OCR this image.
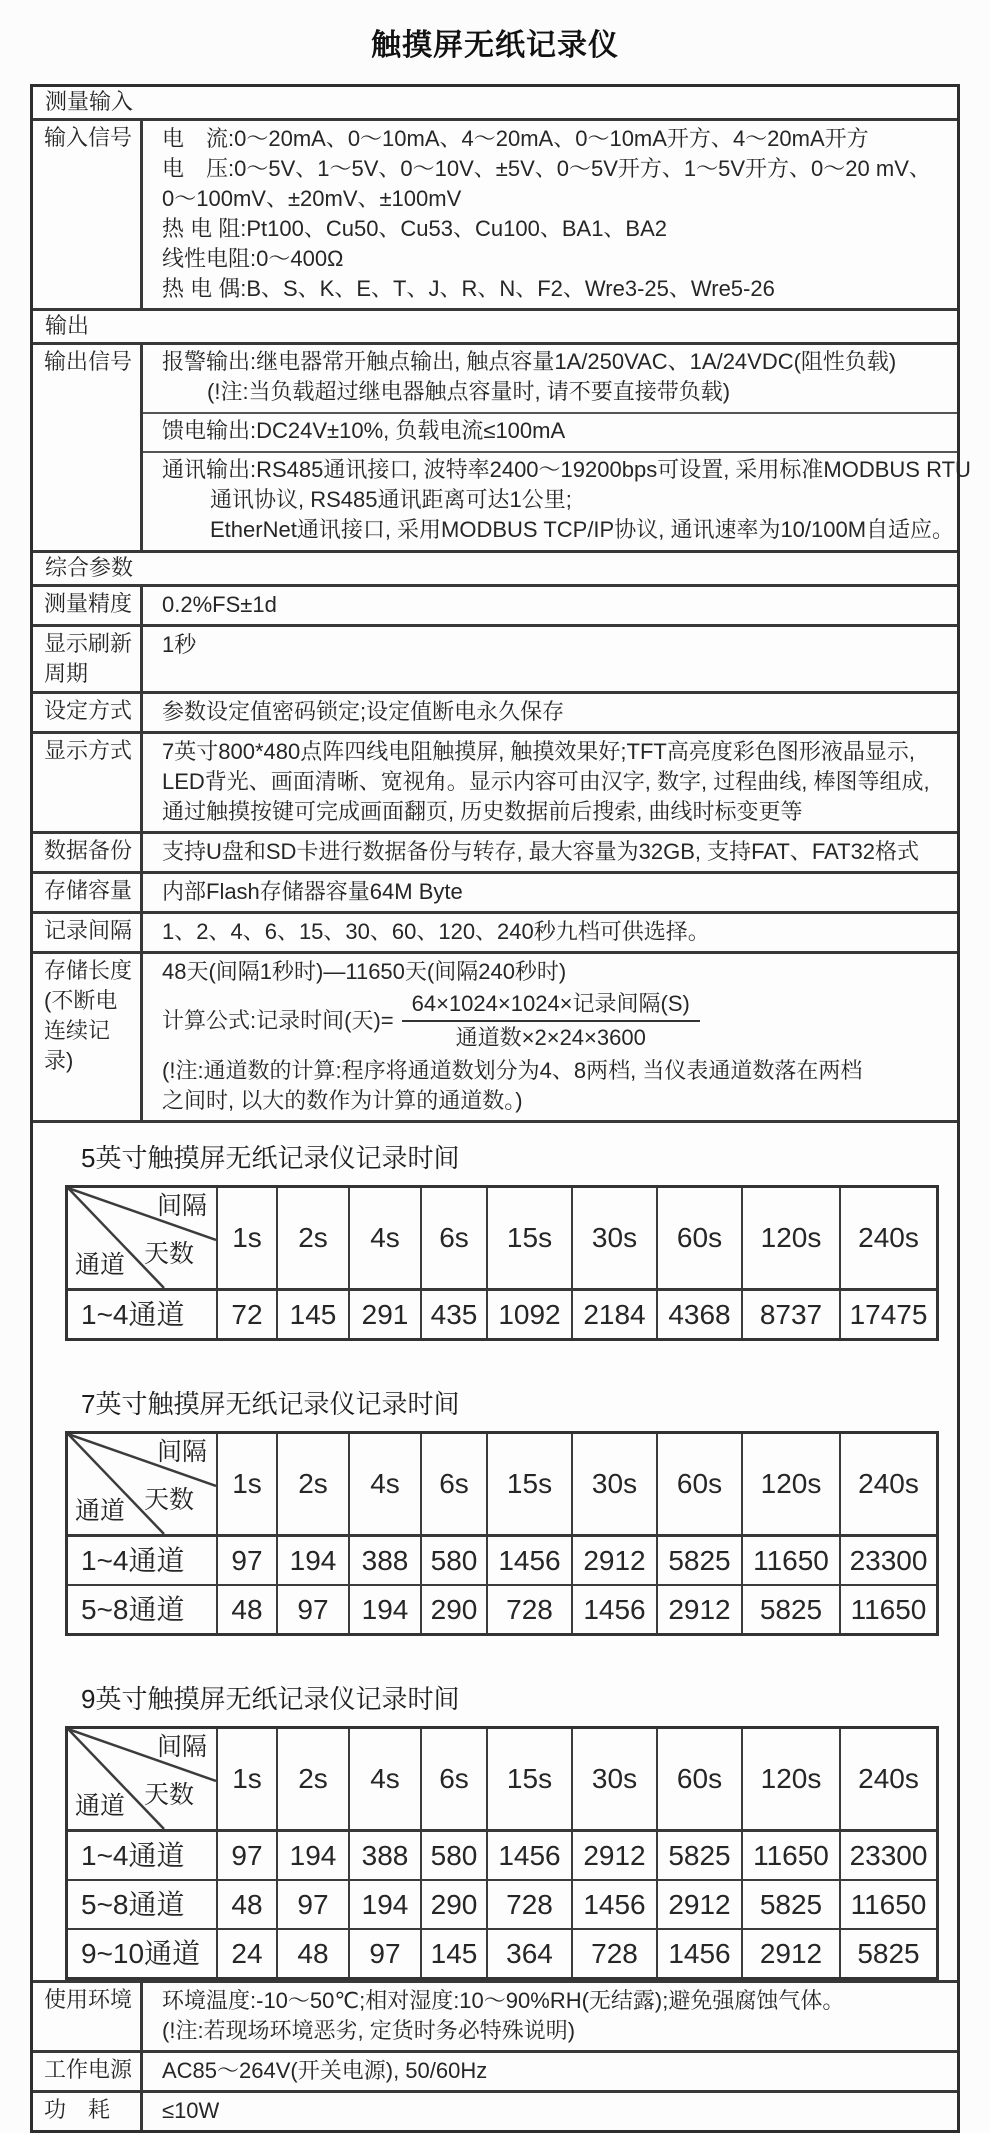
触摸屏无纸记录仪
测量输入
输入信号	电　流:0～20mA、0～10mA、4～20mA、0～10mA开方、4～20mA开方
电　压:0～5V、1～5V、0～10V、±5V、0～5V开方、1～5V开方、0～20 mV、
0～100mV、±20mV、±100mV
热 电 阻:Pt100、Cu50、Cu53、Cu100、BA1、BA2
线性电阻:0～400Ω
热 电 偶:B、S、K、E、T、J、R、N、F2、Wre3-25、Wre5-26
输出
输出信号	报警输出:继电器常开触点输出, 触点容量1A/250VAC、1A/24VDC(阻性负载)
(!注:当负载超过继电器触点容量时, 请不要直接带负载)
馈电输出:DC24V±10%, 负载电流≤100mA
通讯输出:RS485通讯接口, 波特率2400～19200bps可设置, 采用标准MODBUS RTU
通讯协议, RS485通讯距离可达1公里;
EtherNet通讯接口, 采用MODBUS TCP/IP协议, 通讯速率为10/100M自适应。
综合参数
测量精度	0.2%FS±1d
显示刷新周期
1秒
设定方式	参数设定值密码锁定;设定值断电永久保存
显示方式	7英寸800*480点阵四线电阻触摸屏, 触摸效果好;TFT高亮度彩色图形液晶显示,
LED背光、画面清晰、宽视角。显示内容可由汉字, 数字, 过程曲线, 棒图等组成,
通过触摸按键可完成画面翻页, 历史数据前后搜索, 曲线时标变更等
数据备份	支持U盘和SD卡进行数据备份与转存, 最大容量为32GB, 支持FAT、FAT32格式
存储容量	内部Flash存储器容量64M Byte
记录间隔	1、2、4、6、15、30、60、120、240秒九档可供选择。
存储长度
(不断电
连续记录)
48天(间隔1秒时)—11650天(间隔240秒时)
计算公式:记录时间(天)= $\frac{\text{64×1024×1024×记录间隔(S)}}{\text{通道数×2×24×3600}}$
(!注:通道数的计算:程序将通道数划分为4、8两档, 当仪表通道数落在两档
之间时, 以大的数作为计算的通道数。)
5英寸触摸屏无纸记录仪记录时间
间隔
天数
通道
1s	2s	4s	6s	15s	30s	60s	120s	240s
1~4通道	72 145 291 435 1092 2184 4368	8737 17475
7英寸触摸屏无纸记录仪记录时间
间隔
天数
通道
1s	2s	4s	6s	15s	30s	60s	120s	240s
1~4通道	97 194 388 580 1456 2912 5825 11650 23300
5~8通道	48	97	194 290	728	1456 2912	5825	11650
9英寸触摸屏无纸记录仪记录时间
间隔
天数
通道
1s	2s	4s	6s	15s	30s	60s	120s	240s
1~4通道	97 194 388 580 1456 2912 5825 11650 23300
5~8通道	48	97	194 290	728	1456 2912	5825	11650
9~10通道	24	48	97	145	364	728	1456	2912	5825
使用环境	环境温度:-10～50℃;相对湿度:10～90%RH(无结露);避免强腐蚀气体。
(!注:若现场环境恶劣, 定货时务必特殊说明)
工作电源	AC85～264V(开关电源), 50/60Hz
功　耗	≤10W
